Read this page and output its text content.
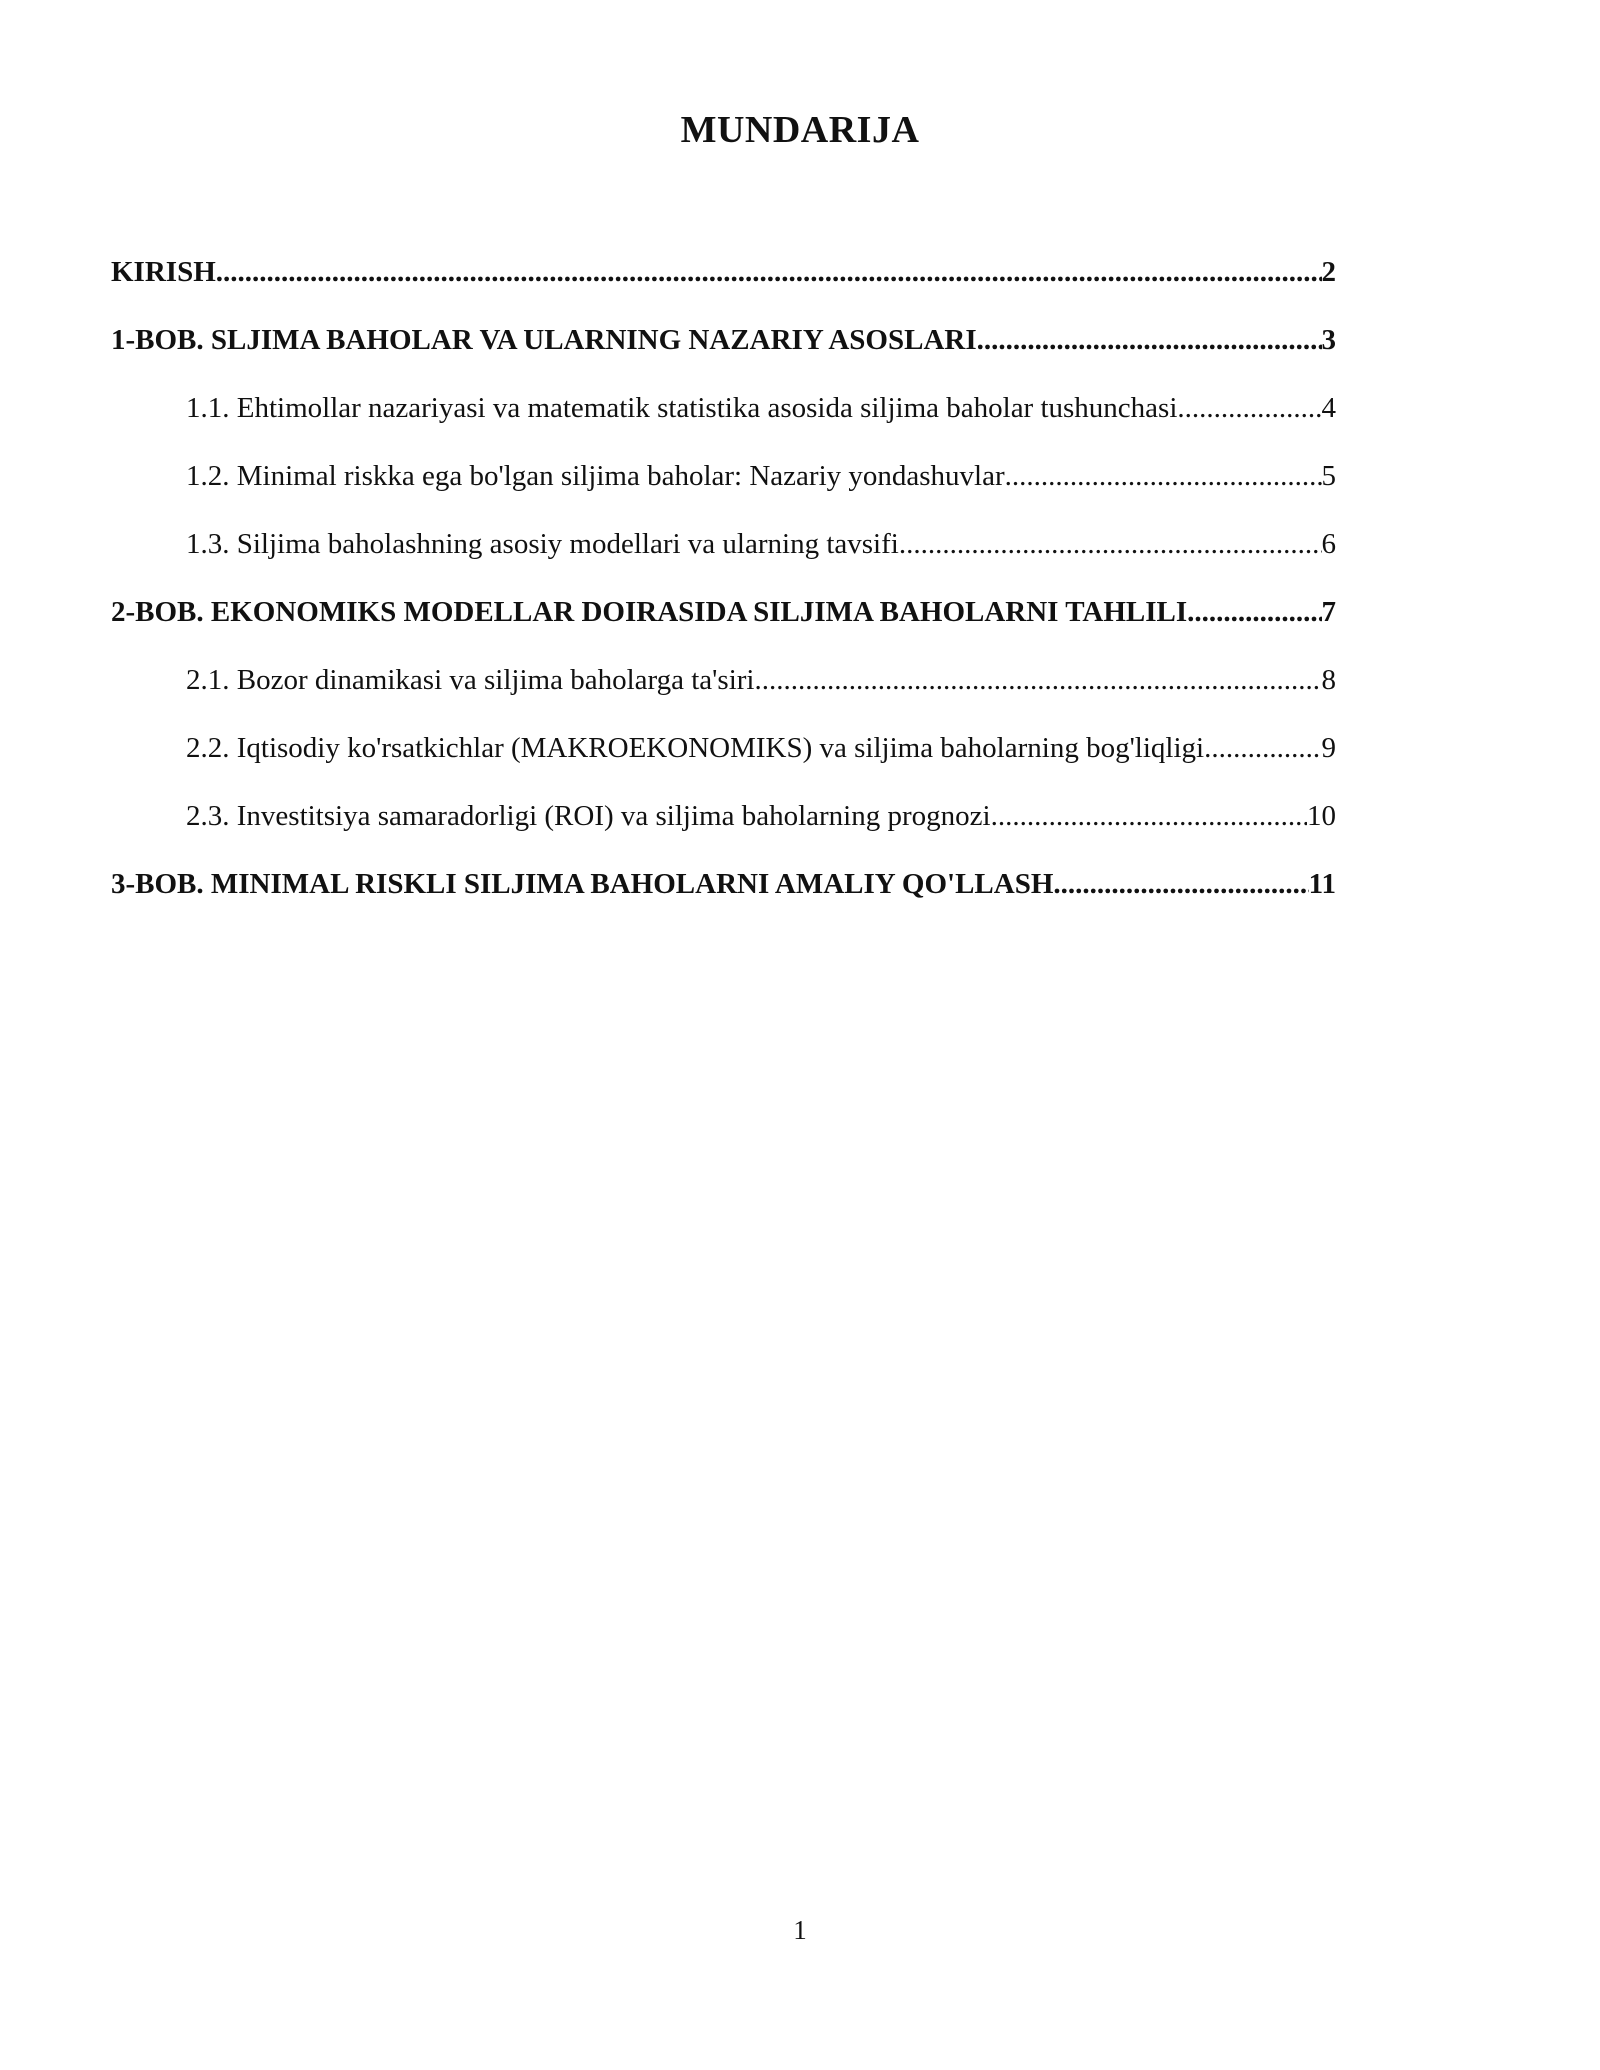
MUNDARIJA
KIRISH .....	2
1-BOB. SLJIMA BAHOLAR VA ULARNING NAZARIY ASOSLARI .....	3
1.1. Ehtimollar nazariyasi va matematik statistika asosida siljima baholar tushunchasi .....	4
1.2. Minimal riskka ega bo'lgan siljima baholar: Nazariy yondashuvlar .....	5
1.3. Siljima baholashning asosiy modellari va ularning tavsifi .....	6
2-BOB. EKONOMIKS MODELLAR DOIRASIDA SILJIMA BAHOLARNI TAHLILI .....	7
2.1. Bozor dinamikasi va siljima baholarga ta'siri .....	8
2.2. Iqtisodiy ko'rsatkichlar (MAKROEKONOMIKS) va siljima baholarning bog'liqligi .....	9
2.3. Investitsiya samaradorligi (ROI) va siljima baholarning prognozi .....	10
3-BOB. MINIMAL RISKLI SILJIMA BAHOLARNI AMALIY QO'LLASH .....	11
1
